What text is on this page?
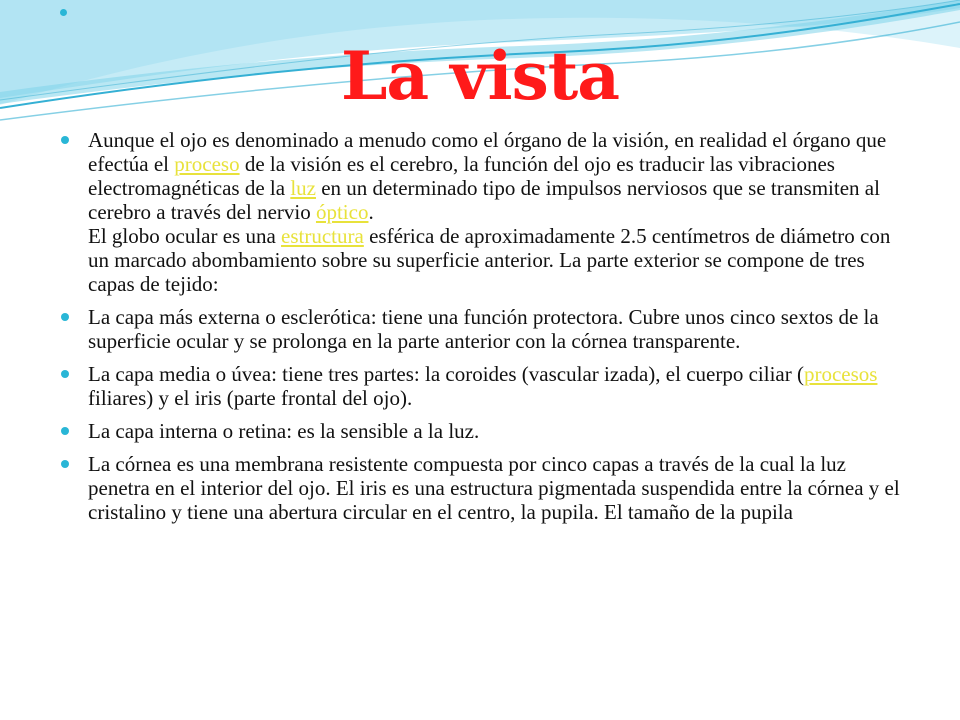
La vista
Aunque el ojo es denominado a menudo como el órgano de la visión, en realidad el órgano que efectúa el proceso de la visión es el cerebro, la función del ojo es traducir las vibraciones electromagnéticas de la luz en un determinado tipo de impulsos nerviosos que se transmiten al cerebro a través del nervio óptico.
El globo ocular es una estructura esférica de aproximadamente 2.5 centímetros de diámetro con un marcado abombamiento sobre su superficie anterior. La parte exterior se compone de tres capas de tejido:
La capa más externa o esclerótica: tiene una función protectora. Cubre unos cinco sextos de la superficie ocular y se prolonga en la parte anterior con la córnea transparente.
La capa media o úvea: tiene tres partes: la coroides (vascular izada), el cuerpo ciliar (procesos filiares) y el iris (parte frontal del ojo).
La capa interna o retina: es la sensible a la luz.
La córnea es una membrana resistente compuesta por cinco capas a través de la cual la luz penetra en el interior del ojo. El iris es una estructura pigmentada suspendida entre la córnea y el cristalino y tiene una abertura circular en el centro, la pupila. El tamaño de la pupila
